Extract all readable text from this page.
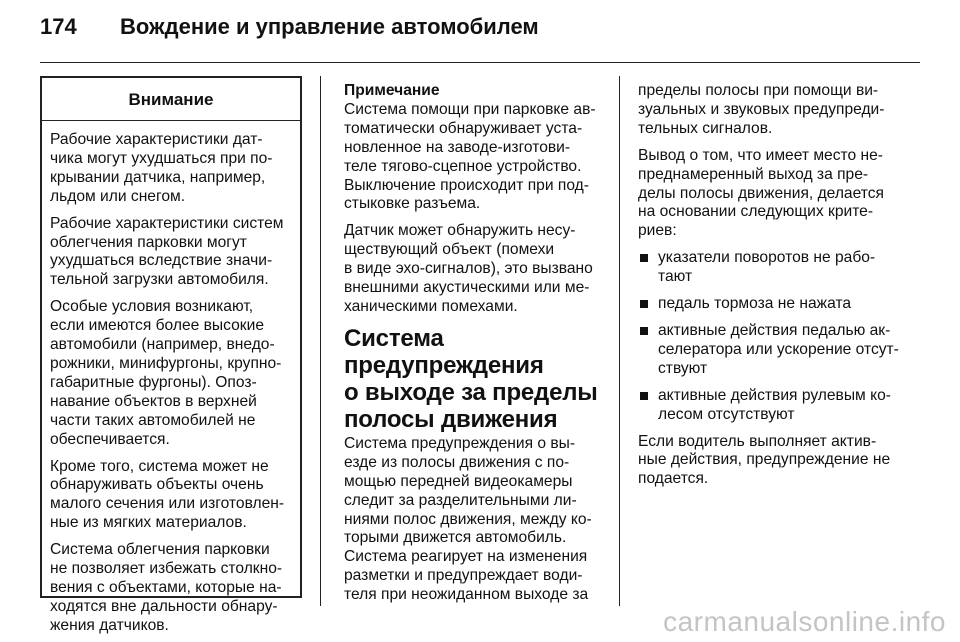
174 Вождение и управление автомобилем
Внимание

Рабочие характеристики дат-
чика могут ухудшаться при по-
крывании датчика, например,
льдом или снегом.

Рабочие характеристики систем
облегчения парковки могут
ухудшаться вследствие значи-
тельной загрузки автомобиля.

Особые условия возникают,
если имеются более высокие
автомобили (например, внедо-
рожники, минифургоны, крупно-
габаритные фургоны). Опоз-
навание объектов в верхней
части таких автомобилей не
обеспечивается.

Кроме того, система может не
обнаруживать объекты очень
малого сечения или изготовлен-
ные из мягких материалов.

Система облегчения парковки
не позволяет избежать столкно-
вения с объектами, которые на-
ходятся вне дальности обнару-
жения датчиков.

Примечание
Система помощи при парковке ав-
томатически обнаруживает уста-
новленное на заводе-изготови-
теле тягово-сцепное устройство.
Выключение происходит при под-
стыковке разъема.

Датчик может обнаружить несу-
ществующий объект (помехи
в виде эхо-сигналов), это вызвано
внешними акустическими или ме-
ханическими помехами.

Система
предупреждения
о выходе за пределы
полосы движения

Система предупреждения о вы-
езде из полосы движения с по-
мощью передней видеокамеры
следит за разделительными ли-
ниями полос движения, между ко-
торыми движется автомобиль.
Система реагирует на изменения
разметки и предупреждает води-
теля при неожиданном выходе за

пределы полосы при помощи ви-
зуальных и звуковых предупреди-
тельных сигналов.

Вывод о том, что имеет место не-
преднамеренный выход за пре-
делы полосы движения, делается
на основании следующих крите-
риев:

указатели поворотов не рабо-
тают
педаль тормоза не нажата
активные действия педалью ак-
селератора или ускорение отсут-
ствуют
активные действия рулевым ко-
лесом отсутствуют

Если водитель выполняет актив-
ные действия, предупреждение не
подается.

carmanualsonline.info
